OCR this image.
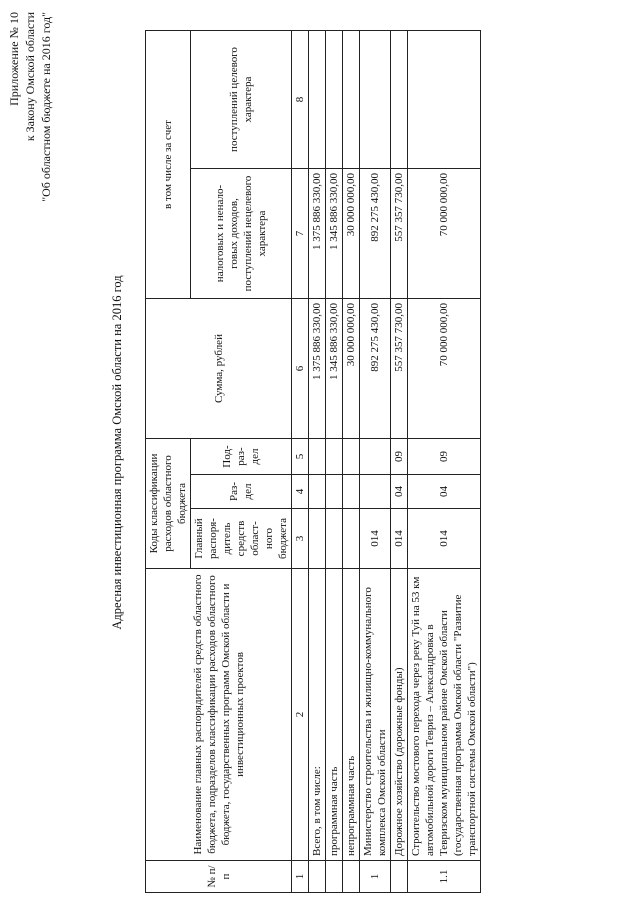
Приложение № 10 к Закону Омской области "Об областном бюджете на 2016 год"
Адресная инвестиционная программа Омской области на 2016 год
№ п/п	Наименование главных распорядителей средств областного бюджета, подразделов классификации расходов областного бюджета, государственных программ Омской области и инвестиционных проектов	Коды классификации расходов областного бюджета			Сумма, рублей	в том числе за счет	
		Главный распоря-дитель средств област-ного бюджета	Раз-дел	Под-раз-дел		налоговых и ненало-говых доходов, поступлений нецелевого характера	поступлений целевого характера

1	2	3	4	5	6	7	8
	Всего, в том числе:				1 375 886 330,00	1 375 886 330,00	
	программная часть				1 345 886 330,00	1 345 886 330,00	
	непрограммная часть				30 000 000,00	30 000 000,00	
1	Министерство строительства и жилищно-коммунального комплекса Омской области	014			892 275 430,00	892 275 430,00	
	Дорожное хозяйство (дорожные фонды)	014	04	09	557 357 730,00	557 357 730,00	
1.1	Строительство мостового перехода через реку Туй на 53 км автомобильной дороги Тевриз – Александровка в Тевризском муниципальном районе Омской области (государственная программа Омской области "Развитие транспортной системы Омской области")	014	04	09	70 000 000,00	70 000 000,00	
